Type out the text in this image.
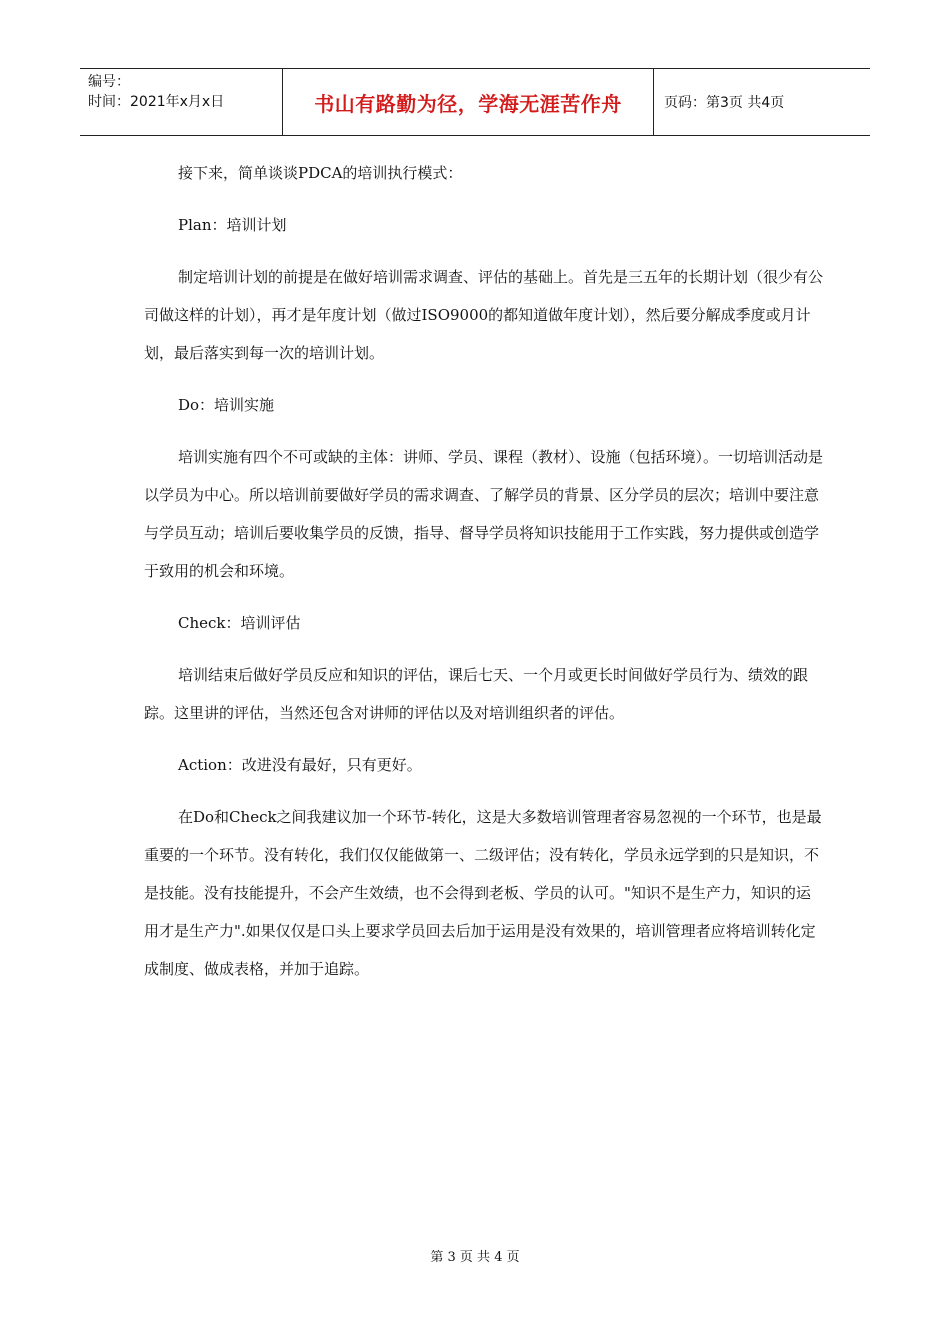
编号：
时间：2021年x月x日	书山有路勤为径，学海无涯苦作舟	页码：第3页 共4页

接下来，简单谈谈PDCA的培训执行模式：

Plan：培训计划

制定培训计划的前提是在做好培训需求调查、评估的基础上。首先是三五年的长期计划（很少有公司做这样的计划），再才是年度计划（做过ISO9000的都知道做年度计划），然后要分解成季度或月计划，最后落实到每一次的培训计划。

Do：培训实施

培训实施有四个不可或缺的主体：讲师、学员、课程（教材）、设施（包括环境）。一切培训活动是以学员为中心。所以培训前要做好学员的需求调查、了解学员的背景、区分学员的层次；培训中要注意与学员互动；培训后要收集学员的反馈，指导、督导学员将知识技能用于工作实践，努力提供或创造学于致用的机会和环境。

Check：培训评估

培训结束后做好学员反应和知识的评估，课后七天、一个月或更长时间做好学员行为、绩效的跟踪。这里讲的评估，当然还包含对讲师的评估以及对培训组织者的评估。

Action：改进没有最好，只有更好。

在Do和Check之间我建议加一个环节-转化，这是大多数培训管理者容易忽视的一个环节，也是最重要的一个环节。没有转化，我们仅仅能做第一、二级评估；没有转化，学员永远学到的只是知识，不是技能。没有技能提升，不会产生效绩，也不会得到老板、学员的认可。"知识不是生产力，知识的运用才是生产力".如果仅仅是口头上要求学员回去后加于运用是没有效果的，培训管理者应将培训转化定成制度、做成表格，并加于追踪。

第 3 页 共 4 页
